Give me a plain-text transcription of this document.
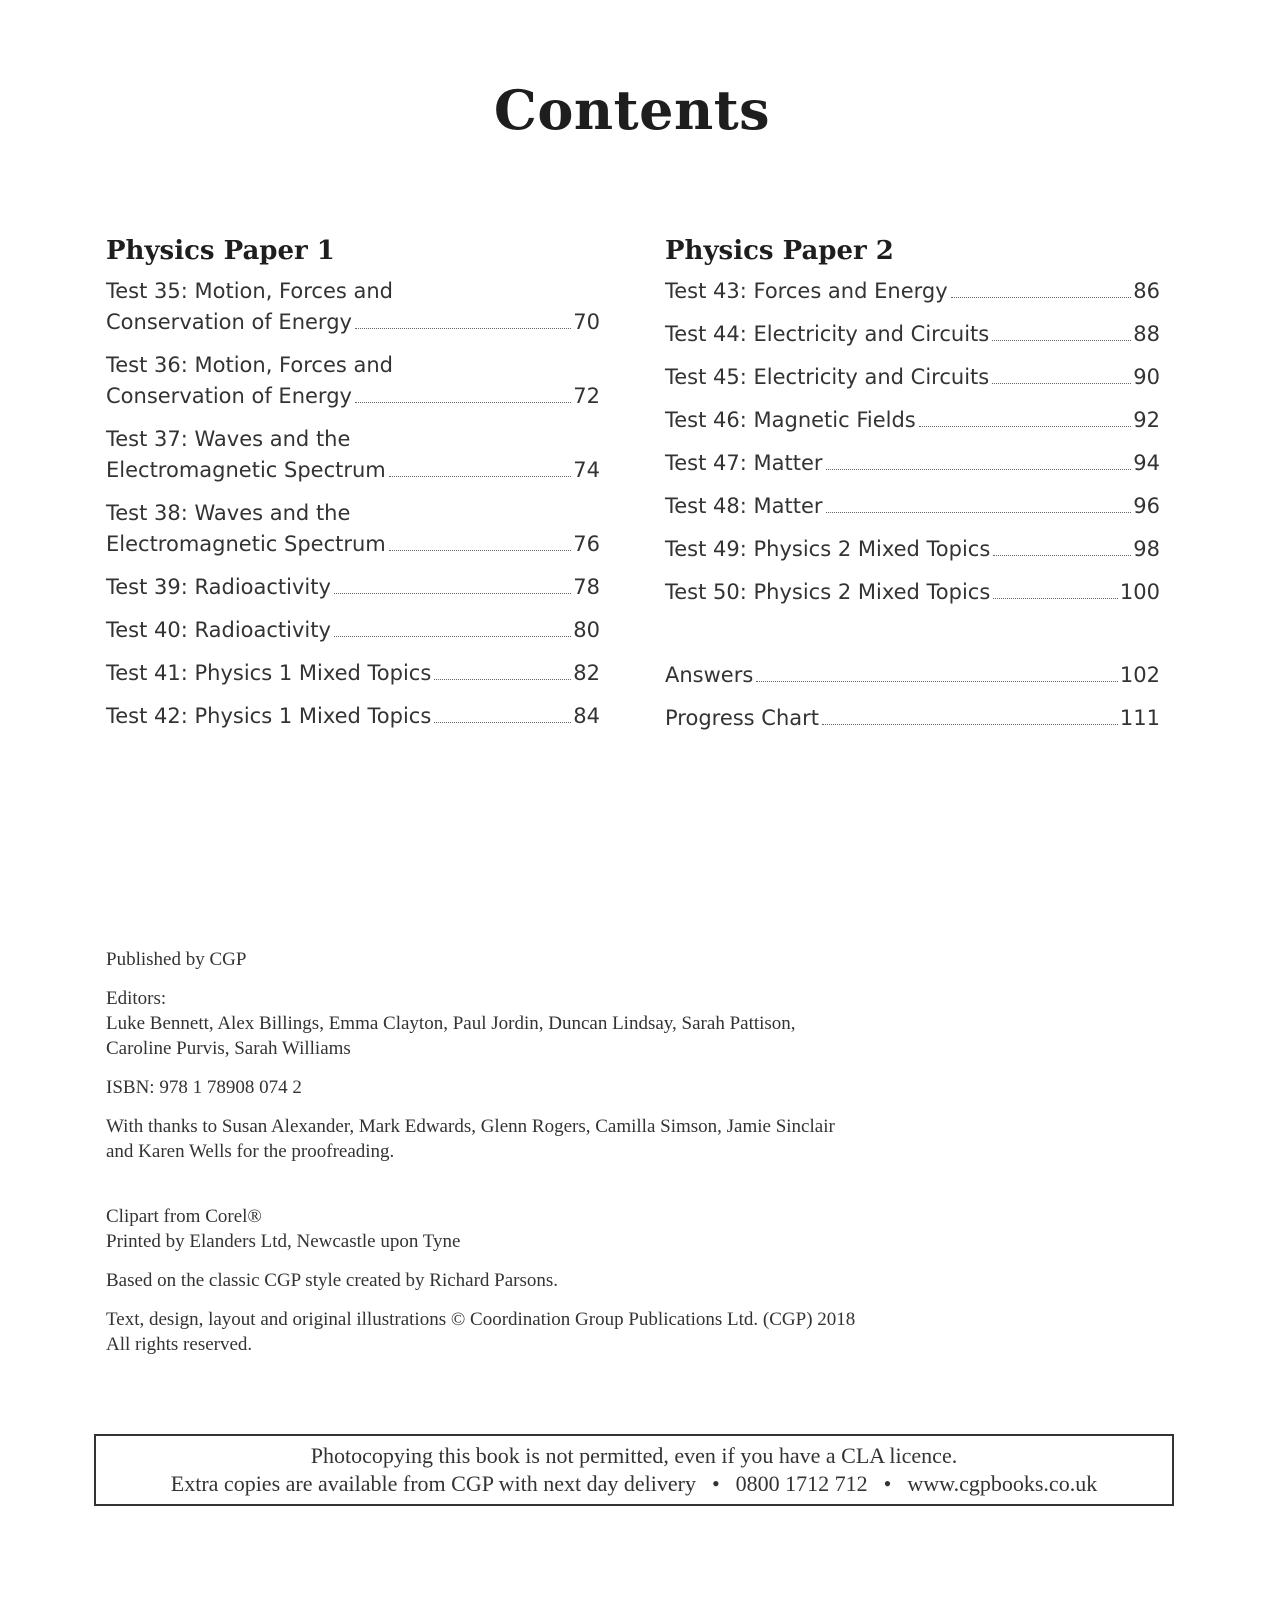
Contents
Physics Paper 1
Test 35: Motion, Forces and
Conservation of Energy	70
Test 36: Motion, Forces and
Conservation of Energy	72
Test 37: Waves and the
Electromagnetic Spectrum	74
Test 38: Waves and the
Electromagnetic Spectrum	76
Test 39: Radioactivity	78
Test 40: Radioactivity	80
Test 41: Physics 1 Mixed Topics	82
Test 42: Physics 1 Mixed Topics	84
Physics Paper 2
Test 43: Forces and Energy	86
Test 44: Electricity and Circuits	88
Test 45: Electricity and Circuits	90
Test 46: Magnetic Fields	92
Test 47: Matter	94
Test 48: Matter	96
Test 49: Physics 2 Mixed Topics	98
Test 50: Physics 2 Mixed Topics	100
Answers	102
Progress Chart	111

Published by CGP

Editors:

Luke Bennett, Alex Billings, Emma Clayton, Paul Jordin, Duncan Lindsay, Sarah Pattison,

Caroline Purvis, Sarah Williams

ISBN: 978 1 78908 074 2

With thanks to Susan Alexander, Mark Edwards, Glenn Rogers, Camilla Simson, Jamie Sinclair

and Karen Wells for the proofreading.

Clipart from Corel®

Printed by Elanders Ltd, Newcastle upon Tyne

Based on the classic CGP style created by Richard Parsons.

Text, design, layout and original illustrations © Coordination Group Publications Ltd. (CGP) 2018

All rights reserved.

Photocopying this book is not permitted, even if you have a CLA licence.
Extra copies are available from CGP with next day delivery • 0800 1712 712 • www.cgpbooks.co.uk
